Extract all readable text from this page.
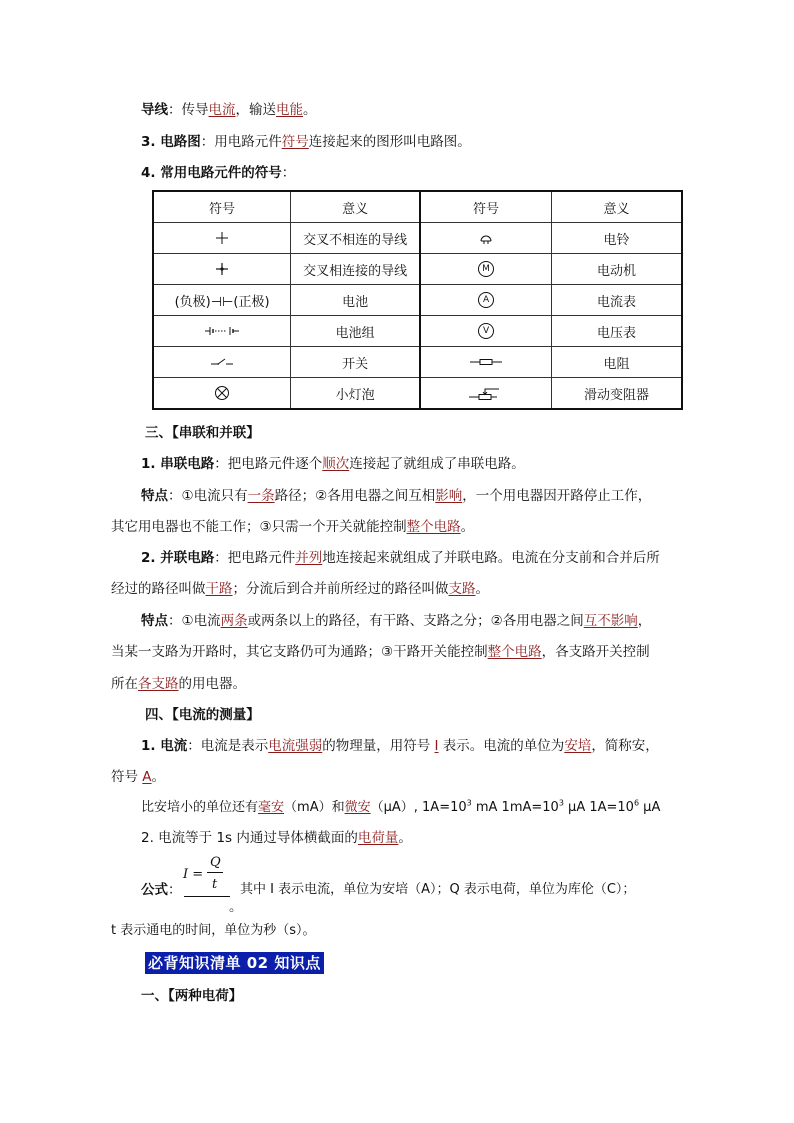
导线：传导电流，输送电能。
3. 电路图：用电路元件符号连接起来的图形叫电路图。
4. 常用电路元件的符号：
符号	意义	符号	意义

	交叉不相连的导线		电铃

	交叉相连接的导线	M	电动机
(负极)⊣⊢(正极)	电池	A	电流表

	电池组	V	电压表

	开关		电阻

	小灯泡		滑动变阻器
三、【串联和并联】
1. 串联电路：把电路元件逐个顺次连接起了就组成了串联电路。
特点：①电流只有一条路径；②各用电器之间互相影响，一个用电器因开路停止工作，
其它用电器也不能工作；③只需一个开关就能控制整个电路。
2. 并联电路：把电路元件并列地连接起来就组成了并联电路。电流在分支前和合并后所
经过的路径叫做干路；分流后到合并前所经过的路径叫做支路。
特点：①电流两条或两条以上的路径，有干路、支路之分；②各用电器之间互不影响，
当某一支路为开路时，其它支路仍可为通路；③干路开关能控制整个电路，各支路开关控制
所在各支路的用电器。
四、【电流的测量】
1. 电流：电流是表示电流强弱的物理量，用符号 I 表示。电流的单位为安培，简称安，
符号 A。
比安培小的单位还有毫安（mA）和微安（μA）, $1A=10^3$ mA $1mA=10^3$ μA $1A=10^6$ μA
2. 电流等于 1s 内通过导体横截面的电荷量。
I =
Q
t
公式：	其中 I 表示电流，单位为安培（A）；Q 表示电荷，单位为库伦（C）；
。
t 表示通电的时间，单位为秒（s）。
必背知识清单 02 知识点
一、【两种电荷】
